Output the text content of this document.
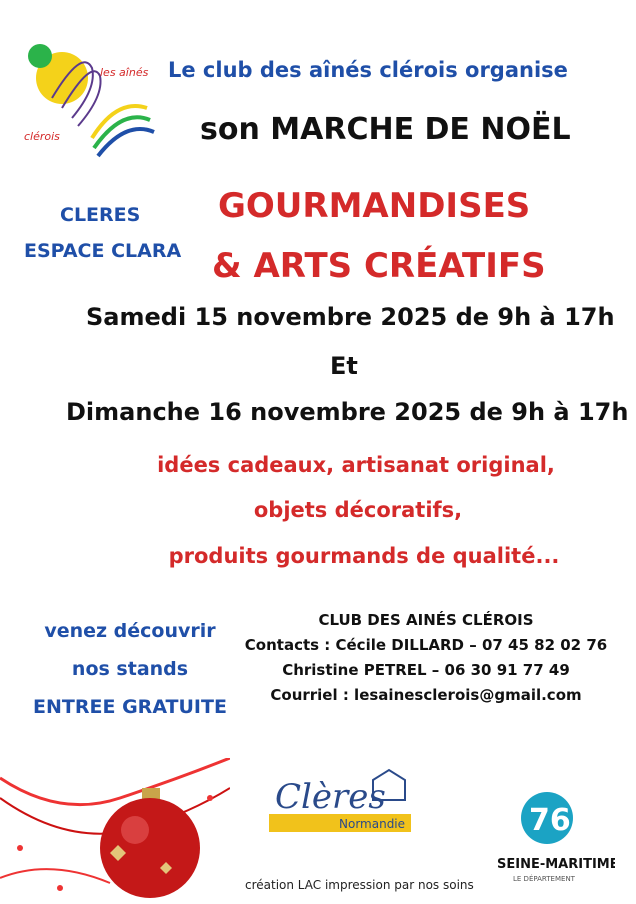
les aînés
clérois
Le club des aînés clérois organise
son MARCHE DE NOËL
CLERES
ESPACE CLARA
GOURMANDISES
& ARTS CRÉATIFS
Samedi 15 novembre 2025 de 9h à 17h
Et
Dimanche 16 novembre 2025 de 9h à 17h
idées cadeaux, artisanat original,
objets décoratifs,
produits gourmands de qualité...
venez découvrir
nos stands
ENTREE GRATUITE
CLUB DES AINÉS CLÉROIS
Contacts : Cécile DILLARD – 07 45 82 02 76
Christine PETREL – 06 30 91 77 49
Courriel : lesainesclerois@gmail.com
Clères
Normandie	76
SEINE-MARITIME
LE DÉPARTEMENT
création LAC impression par nos soins
